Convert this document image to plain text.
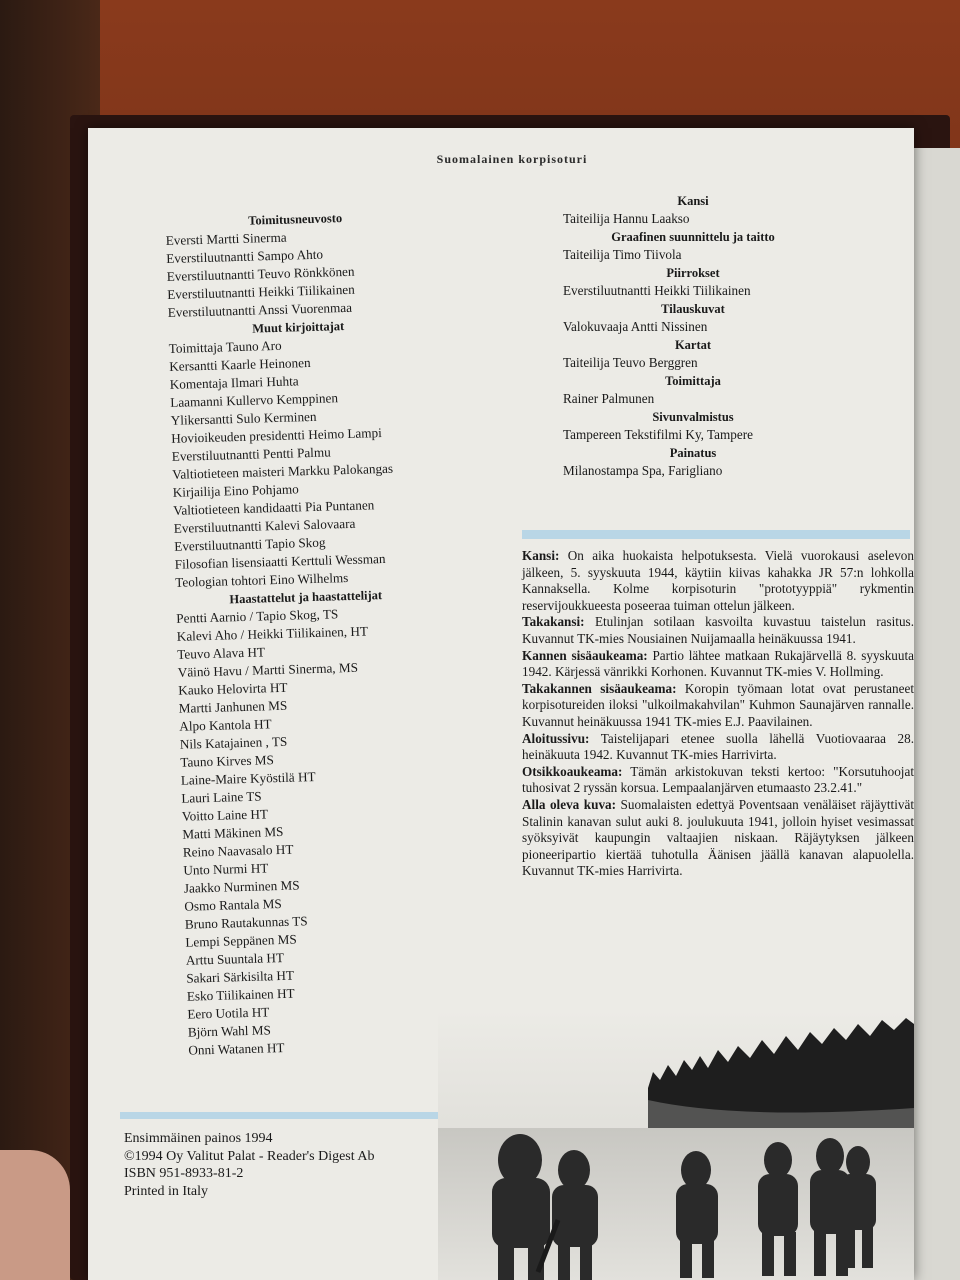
Suomalainen korpisoturi
Toimitusneuvosto
Eversti Martti Sinerma
Everstiluutnantti Sampo Ahto
Everstiluutnantti Teuvo Rönkkönen
Everstiluutnantti Heikki Tiilikainen
Everstiluutnantti Anssi Vuorenmaa
Muut kirjoittajat
Toimittaja Tauno Aro
Kersantti Kaarle Heinonen
Komentaja Ilmari Huhta
Laamanni Kullervo Kemppinen
Ylikersantti Sulo Kerminen
Hovioikeuden presidentti Heimo Lampi
Everstiluutnantti Pentti Palmu
Valtiotieteen maisteri Markku Palokangas
Kirjailija Eino Pohjamo
Valtiotieteen kandidaatti Pia Puntanen
Everstiluutnantti Kalevi Salovaara
Everstiluutnantti Tapio Skog
Filosofian lisensiaatti Kerttuli Wessman
Teologian tohtori Eino Wilhelms
Haastattelut ja haastattelijat
Pentti Aarnio / Tapio Skog, TS
Kalevi Aho / Heikki Tiilikainen, HT
Teuvo Alava HT
Väinö Havu / Martti Sinerma, MS
Kauko Helovirta HT
Martti Janhunen MS
Alpo Kantola HT
Nils Katajainen , TS
Tauno Kirves MS
Laine-Maire Kyöstilä HT
Lauri Laine TS
Voitto Laine HT
Matti Mäkinen MS
Reino Naavasalo HT
Unto Nurmi HT
Jaakko Nurminen MS
Osmo Rantala MS
Bruno Rautakunnas TS
Lempi Seppänen MS
Arttu Suuntala HT
Sakari Särkisilta HT
Esko Tiilikainen HT
Eero Uotila HT
Björn Wahl MS
Onni Watanen HT
Kansi
Taiteilija Hannu Laakso
Graafinen suunnittelu ja taitto
Taiteilija Timo Tiivola
Piirrokset
Everstiluutnantti Heikki Tiilikainen
Tilauskuvat
Valokuvaaja Antti Nissinen
Kartat
Taiteilija Teuvo Berggren
Toimittaja
Rainer Palmunen
Sivunvalmistus
Tampereen Tekstifilmi Ky, Tampere
Painatus
Milanostampa Spa, Farigliano

Kansi: On aika huokaista helpotuksesta. Vielä vuorokausi aselevon jälkeen, 5. syyskuuta 1944, käytiin kiivas kahakka JR 57:n lohkolla Kannaksella. Kolme korpisoturin "prototyyppiä" rykmentin reservijoukkueesta poseeraa tuiman ottelun jälkeen.

Takakansi: Etulinjan sotilaan kasvoilta kuvastuu taistelun rasitus. Kuvannut TK-mies Nousiainen Nuijamaalla heinäkuussa 1941.

Kannen sisäaukeama: Partio lähtee matkaan Rukajärvellä 8. syyskuuta 1942. Kärjessä vänrikki Korhonen. Kuvannut TK-mies V. Hollming.

Takakannen sisäaukeama: Koropin työmaan lotat ovat perustaneet korpisotureiden iloksi "ulkoilmakahvilan" Kuhmon Saunajärven rannalle. Kuvannut heinäkuussa 1941 TK-mies E.J. Paavilainen.

Aloitussivu: Taistelijapari etenee suolla lähellä Vuotiovaaraa 28. heinäkuuta 1942. Kuvannut TK-mies Harrivirta.

Otsikkoaukeama: Tämän arkistokuvan teksti kertoo: "Korsutuhoojat tuhosivat 2 ryssän korsua. Lempaalanjärven etumaasto 23.2.41."

Alla oleva kuva: Suomalaisten edettyä Poventsaan venäläiset räjäyttivät Stalinin kanavan sulut auki 8. joulukuuta 1941, jolloin hyiset vesimassat syöksyivät kaupungin valtaajien niskaan. Räjäytyksen jälkeen pioneeripartio kiertää tuhotulla Äänisen jäällä kanavan alapuolella. Kuvannut TK-mies Harrivirta.

Ensimmäinen painos 1994
©1994 Oy Valitut Palat - Reader's Digest Ab
ISBN 951-8933-81-2
Printed in Italy
